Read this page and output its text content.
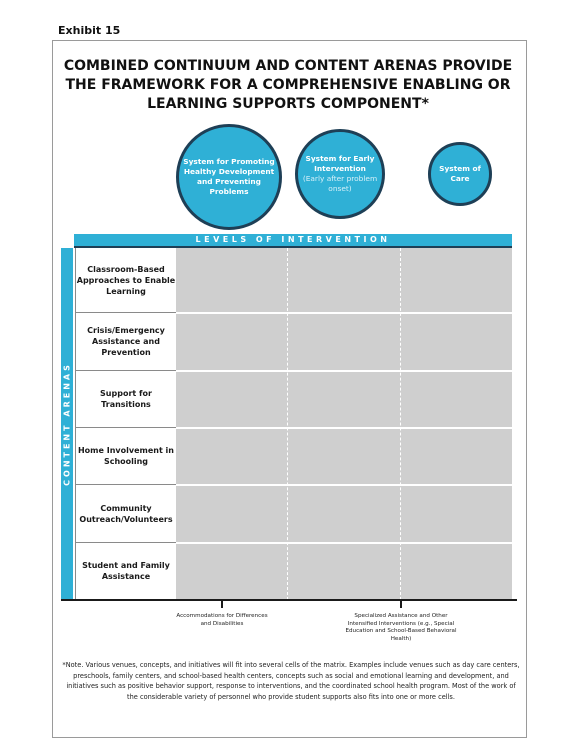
Exhibit 15
COMBINED CONTINUUM AND CONTENT ARENAS PROVIDE THE FRAMEWORK FOR A COMPREHENSIVE ENABLING OR LEARNING SUPPORTS COMPONENT*
System for Promoting Healthy Development and Preventing Problems
System for Early Intervention
(Early after problem onset)
System of Care
LEVELS OF INTERVENTION
CONTENT ARENAS
Classroom-Based Approaches to Enable Learning
Crisis/Emergency Assistance and Prevention
Support for Transitions
Home Involvement in Schooling
Community Outreach/Volunteers
Student and Family Assistance
Accommodations for Differences and Disabilities
Specialized Assistance and Other Intensified Interventions (e.g., Special Education and School-Based Behavioral Health)
*Note. Various venues, concepts, and initiatives will fit into several cells of the matrix. Examples include venues such as day care centers, preschools, family centers, and school-based health centers, concepts such as social and emotional learning and development, and initiatives such as positive behavior support, response to interventions, and the coordinated school health program. Most of the work of the considerable variety of personnel who provide student supports also fits into one or more cells.
